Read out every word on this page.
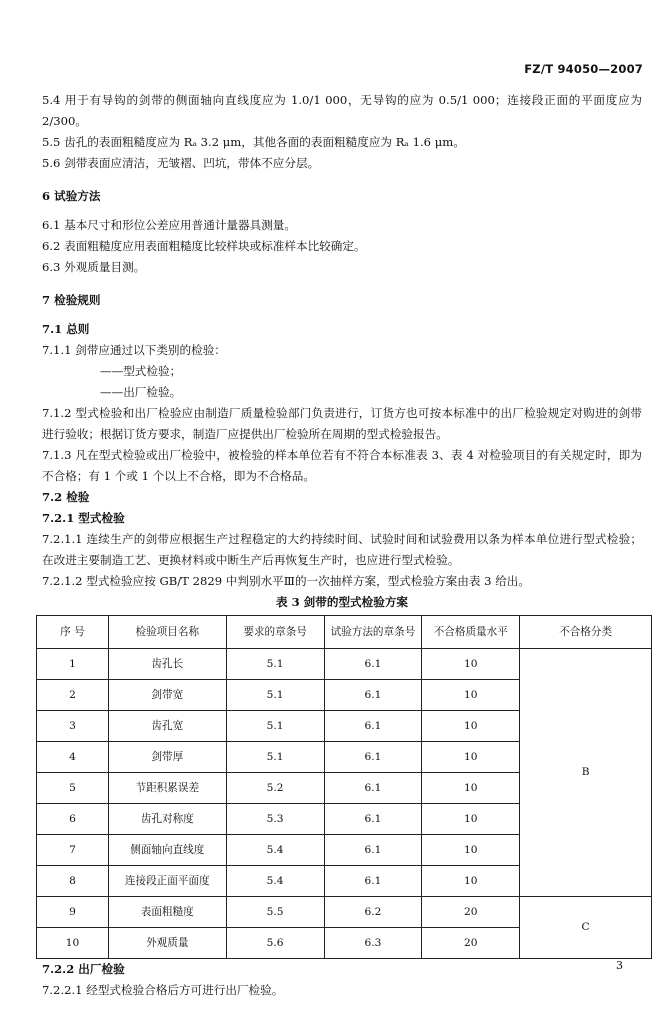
FZ/T 94050—2007

5.4 用于有导钩的剑带的侧面轴向直线度应为 1.0/1 000，无导钩的应为 0.5/1 000；连接段正面的平面度应为 2/300。

5.5 齿孔的表面粗糙度应为 Rₐ 3.2 μm，其他各面的表面粗糙度应为 Rₐ 1.6 μm。

5.6 剑带表面应清洁，无皱褶、凹坑，带体不应分层。

6 试验方法

6.1 基本尺寸和形位公差应用普通计量器具测量。

6.2 表面粗糙度应用表面粗糙度比较样块或标准样本比较确定。

6.3 外观质量目测。

7 检验规则

7.1 总则

7.1.1 剑带应通过以下类别的检验：

——型式检验；

——出厂检验。

7.1.2 型式检验和出厂检验应由制造厂质量检验部门负责进行，订货方也可按本标准中的出厂检验规定对购进的剑带进行验收；根据订货方要求，制造厂应提供出厂检验所在周期的型式检验报告。

7.1.3 凡在型式检验或出厂检验中，被检验的样本单位若有不符合本标准表 3、表 4 对检验项目的有关规定时，即为不合格；有 1 个或 1 个以上不合格，即为不合格品。

7.2 检验

7.2.1 型式检验

7.2.1.1 连续生产的剑带应根据生产过程稳定的大约持续时间、试验时间和试验费用以条为样本单位进行型式检验；在改进主要制造工艺、更换材料或中断生产后再恢复生产时，也应进行型式检验。

7.2.1.2 型式检验应按 GB/T 2829 中判别水平Ⅲ的一次抽样方案，型式检验方案由表 3 给出。

表 3 剑带的型式检验方案

序 号	检验项目名称	要求的章条号	试验方法的章条号	不合格质量水平	不合格分类
1	齿孔长	5.1	6.1	10	B
2	剑带宽	5.1	6.1	10	
3	齿孔宽	5.1	6.1	10	
4	剑带厚	5.1	6.1	10	
5	节距积累误差	5.2	6.1	10	
6	齿孔对称度	5.3	6.1	10	
7	侧面轴向直线度	5.4	6.1	10	
8	连接段正面平面度	5.4	6.1	10	
9	表面粗糙度	5.5	6.2	20	C
10	外观质量	5.6	6.3	20	

7.2.2 出厂检验

7.2.2.1 经型式检验合格后方可进行出厂检验。

3
